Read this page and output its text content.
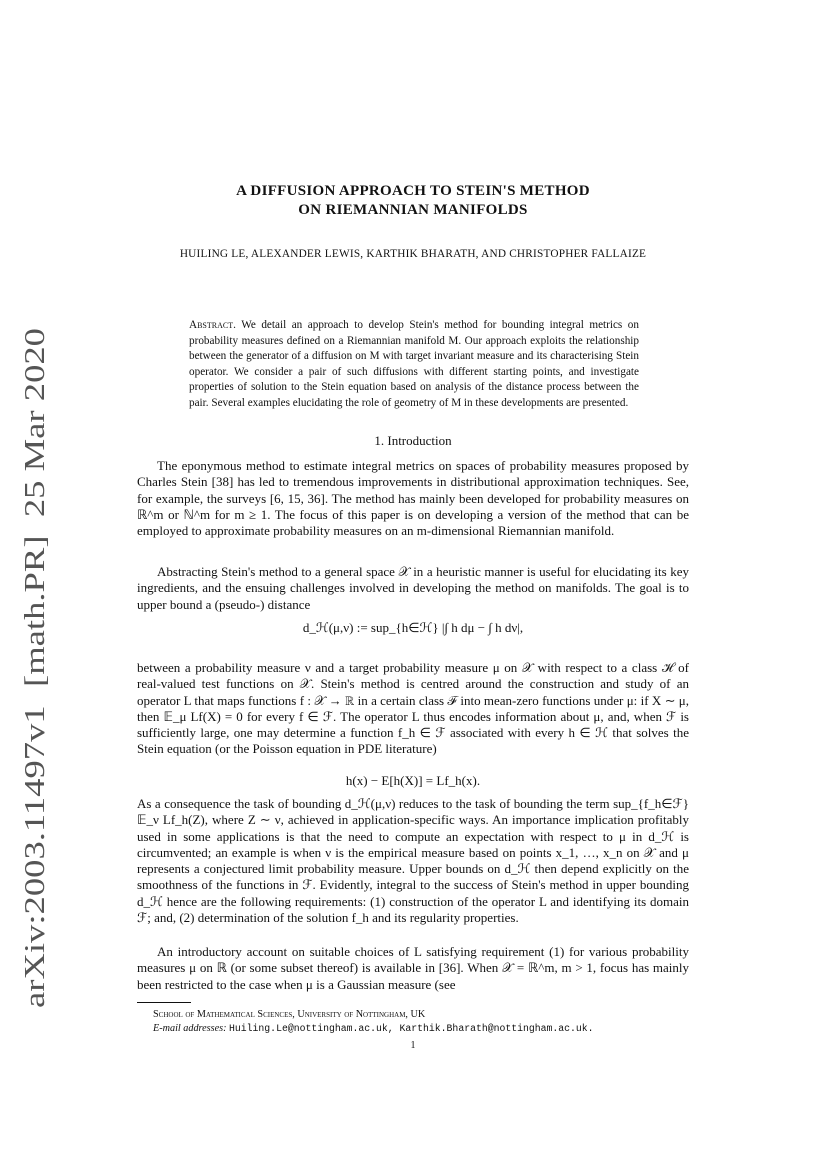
arXiv:2003.11497v1  [math.PR]  25 Mar 2020
A DIFFUSION APPROACH TO STEIN'S METHOD
ON RIEMANNIAN MANIFOLDS
HUILING LE, ALEXANDER LEWIS, KARTHIK BHARATH, AND CHRISTOPHER FALLAIZE
Abstract. We detail an approach to develop Stein's method for bounding integral metrics on probability measures defined on a Riemannian manifold M. Our approach exploits the relationship between the generator of a diffusion on M with target invariant measure and its characterising Stein operator. We consider a pair of such diffusions with different starting points, and investigate properties of solution to the Stein equation based on analysis of the distance process between the pair. Several examples elucidating the role of geometry of M in these developments are presented.
1. Introduction

The eponymous method to estimate integral metrics on spaces of probability measures proposed by Charles Stein [38] has led to tremendous improvements in distributional approximation techniques. See, for example, the surveys [6, 15, 36]. The method has mainly been developed for probability measures on ℝ^m or ℕ^m for m ≥ 1. The focus of this paper is on developing a version of the method that can be employed to approximate probability measures on an m-dimensional Riemannian manifold.

Abstracting Stein's method to a general space 𝒳 in a heuristic manner is useful for elucidating its key ingredients, and the ensuing challenges involved in developing the method on manifolds. The goal is to upper bound a (pseudo-) distance

d_ℋ(μ,ν) := sup_{h∈ℋ} |∫ h dμ − ∫ h dν|,

between a probability measure ν and a target probability measure μ on 𝒳 with respect to a class ℋ of real-valued test functions on 𝒳. Stein's method is centred around the construction and study of an operator L that maps functions f : 𝒳 → ℝ in a certain class ℱ into mean-zero functions under μ: if X ∼ μ, then 𝔼_μ Lf(X) = 0 for every f ∈ ℱ. The operator L thus encodes information about μ, and, when ℱ is sufficiently large, one may determine a function f_h ∈ ℱ associated with every h ∈ ℋ that solves the Stein equation (or the Poisson equation in PDE literature)

h(x) − E[h(X)] = Lf_h(x).

As a consequence the task of bounding d_ℋ(μ,ν) reduces to the task of bounding the term sup_{f_h∈ℱ} 𝔼_ν Lf_h(Z), where Z ∼ ν, achieved in application-specific ways. An importance implication profitably used in some applications is that the need to compute an expectation with respect to μ in d_ℋ is circumvented; an example is when ν is the empirical measure based on points x_1, …, x_n on 𝒳 and μ represents a conjectured limit probability measure. Upper bounds on d_ℋ then depend explicitly on the smoothness of the functions in ℱ. Evidently, integral to the success of Stein's method in upper bounding d_ℋ hence are the following requirements: (1) construction of the operator L and identifying its domain ℱ; and, (2) determination of the solution f_h and its regularity properties.

An introductory account on suitable choices of L satisfying requirement (1) for various probability measures μ on ℝ (or some subset thereof) is available in [36]. When 𝒳 = ℝ^m, m > 1, focus has mainly been restricted to the case when μ is a Gaussian measure (see

School of Mathematical Sciences, University of Nottingham, UK
E-mail addresses: Huiling.Le@nottingham.ac.uk, Karthik.Bharath@nottingham.ac.uk.
1
